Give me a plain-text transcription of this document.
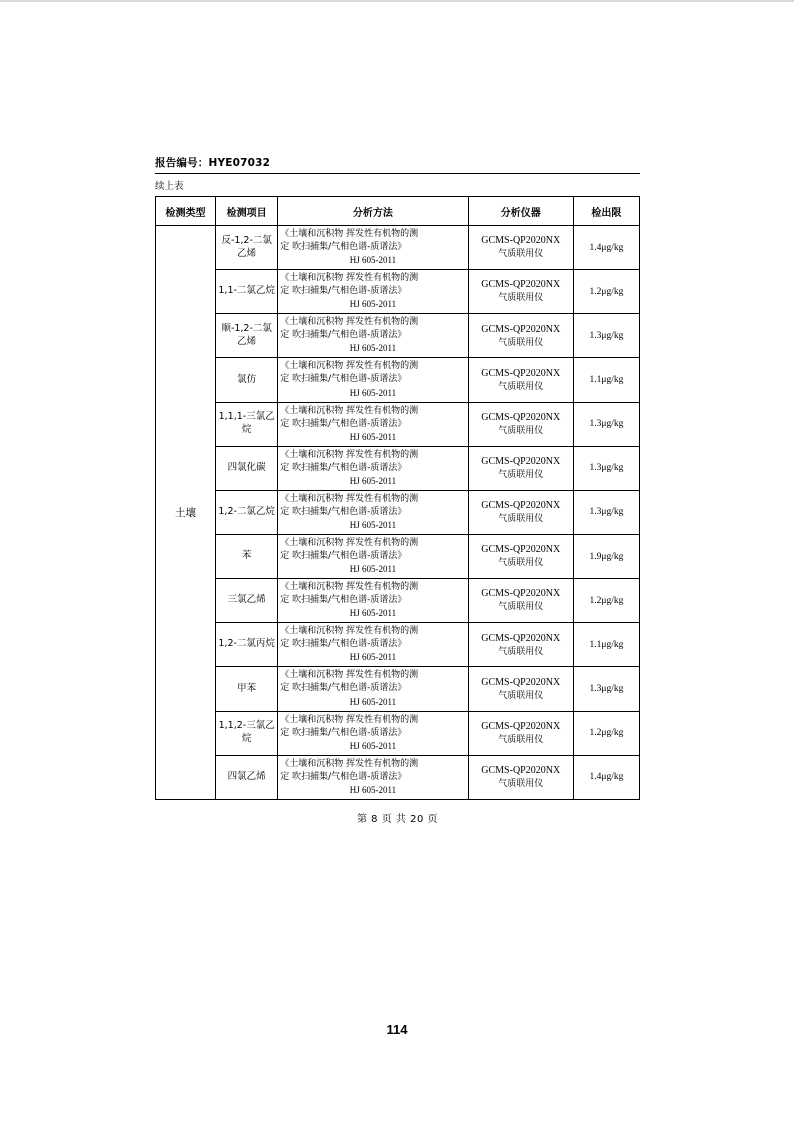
报告编号：HYE07032
续上表
检测类型	检测项目	分析方法	分析仪器	检出限
土壤	反-1,2-二氯乙烯	《土壤和沉积物 挥发性有机物的测
定 吹扫捕集/气相色谱-质谱法》
HJ 605-2011	GCMS-QP2020NX
气质联用仪	1.4μg/kg
	1,1-二氯乙烷	《土壤和沉积物 挥发性有机物的测
定 吹扫捕集/气相色谱-质谱法》
HJ 605-2011	GCMS-QP2020NX
气质联用仪	1.2μg/kg
	顺-1,2-二氯乙烯	《土壤和沉积物 挥发性有机物的测
定 吹扫捕集/气相色谱-质谱法》
HJ 605-2011	GCMS-QP2020NX
气质联用仪	1.3μg/kg
	氯仿	《土壤和沉积物 挥发性有机物的测
定 吹扫捕集/气相色谱-质谱法》
HJ 605-2011	GCMS-QP2020NX
气质联用仪	1.1μg/kg
	1,1,1-三氯乙烷	《土壤和沉积物 挥发性有机物的测
定 吹扫捕集/气相色谱-质谱法》
HJ 605-2011	GCMS-QP2020NX
气质联用仪	1.3μg/kg
	四氯化碳	《土壤和沉积物 挥发性有机物的测
定 吹扫捕集/气相色谱-质谱法》
HJ 605-2011	GCMS-QP2020NX
气质联用仪	1.3μg/kg
	1,2-二氯乙烷	《土壤和沉积物 挥发性有机物的测
定 吹扫捕集/气相色谱-质谱法》
HJ 605-2011	GCMS-QP2020NX
气质联用仪	1.3μg/kg
	苯	《土壤和沉积物 挥发性有机物的测
定 吹扫捕集/气相色谱-质谱法》
HJ 605-2011	GCMS-QP2020NX
气质联用仪	1.9μg/kg
	三氯乙烯	《土壤和沉积物 挥发性有机物的测
定 吹扫捕集/气相色谱-质谱法》
HJ 605-2011	GCMS-QP2020NX
气质联用仪	1.2μg/kg
	1,2-二氯丙烷	《土壤和沉积物 挥发性有机物的测
定 吹扫捕集/气相色谱-质谱法》
HJ 605-2011	GCMS-QP2020NX
气质联用仪	1.1μg/kg
	甲苯	《土壤和沉积物 挥发性有机物的测
定 吹扫捕集/气相色谱-质谱法》
HJ 605-2011	GCMS-QP2020NX
气质联用仪	1.3μg/kg
	1,1,2-三氯乙烷	《土壤和沉积物 挥发性有机物的测
定 吹扫捕集/气相色谱-质谱法》
HJ 605-2011	GCMS-QP2020NX
气质联用仪	1.2μg/kg
	四氯乙烯	《土壤和沉积物 挥发性有机物的测
定 吹扫捕集/气相色谱-质谱法》
HJ 605-2011	GCMS-QP2020NX
气质联用仪	1.4μg/kg
第 8 页 共 20 页
114
